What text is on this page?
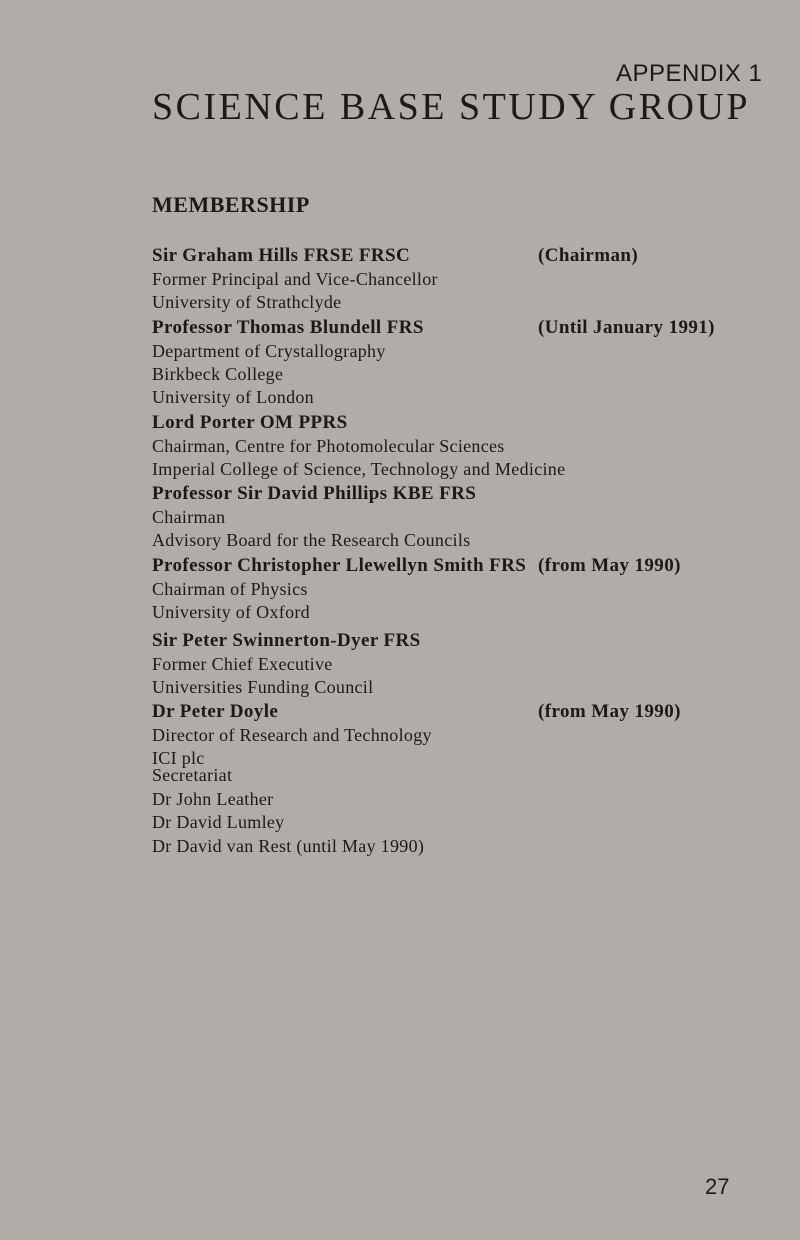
APPENDIX 1
SCIENCE BASE STUDY GROUP
MEMBERSHIP
Sir Graham Hills FRSE FRSC	(Chairman)
Former Principal and Vice-Chancellor
University of Strathclyde
Professor Thomas Blundell FRS	(Until January 1991)
Department of Crystallography
Birkbeck College
University of London
Lord Porter OM PPRS
Chairman, Centre for Photomolecular Sciences
Imperial College of Science, Technology and Medicine
Professor Sir David Phillips KBE FRS
Chairman
Advisory Board for the Research Councils
Professor Christopher Llewellyn Smith FRS (from May 1990)
Chairman of Physics
University of Oxford
Sir Peter Swinnerton-Dyer FRS
Former Chief Executive
Universities Funding Council
Dr Peter Doyle	(from May 1990)
Director of Research and Technology
ICI plc
Secretariat
Dr John Leather
Dr David Lumley
Dr David van Rest (until May 1990)
27
